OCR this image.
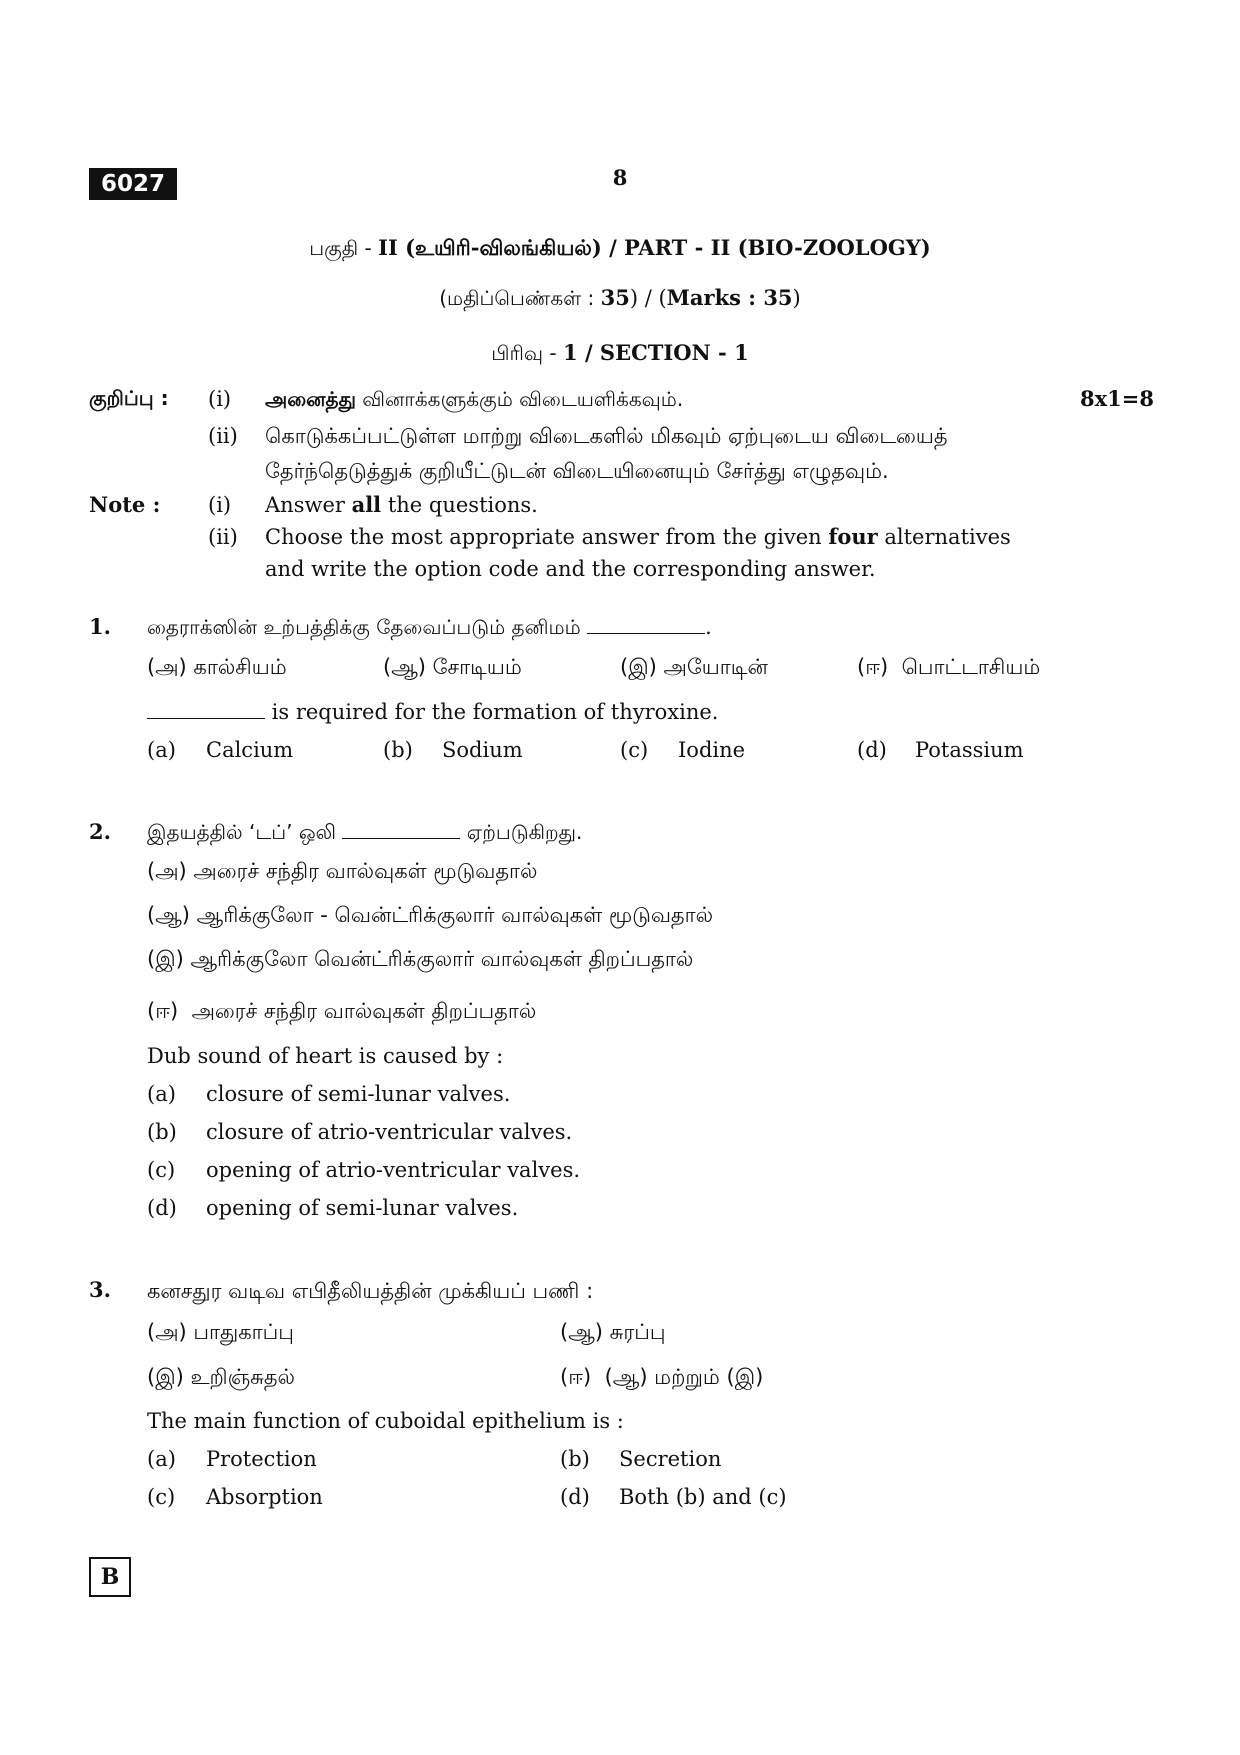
6027	8
பகுதி - II (உயிரி-விலங்கியல்) / PART - II (BIO-ZOOLOGY)
(மதிப்பெண்கள் : 35) / (Marks : 35)
பிரிவு - 1 / SECTION - 1
குறிப்பு : (i) அனைத்து வினாக்களுக்கும் விடையளிக்கவும்.	8x1=8
(ii) கொடுக்கப்பட்டுள்ள மாற்று விடைகளில் மிகவும் ஏற்புடைய விடையைத்
தேர்ந்தெடுத்துக் குறியீட்டுடன் விடையினையும் சேர்த்து எழுதவும்.
Note : (i) Answer all the questions.
(ii) Choose the most appropriate answer from the given four alternatives
and write the option code and the corresponding answer.
1. தைராக்ஸின் உற்பத்திக்கு தேவைப்படும் தனிமம்	.
(அ) கால்சியம்	(ஆ) சோடியம்	(இ) அயோடின்	(ஈ) பொட்டாசியம்
is required for the formation of thyroxine.
(a) Calcium	(b) Sodium	(c) Iodine	(d) Potassium
2. இதயத்தில் ‘டப்’ ஒலி	ஏற்படுகிறது.
(அ) அரைச் சந்திர வால்வுகள் மூடுவதால்
(ஆ) ஆரிக்குலோ - வென்ட்ரிக்குலார் வால்வுகள் மூடுவதால்
(இ) ஆரிக்குலோ வென்ட்ரிக்குலார் வால்வுகள் திறப்பதால்
(ஈ) அரைச் சந்திர வால்வுகள் திறப்பதால்
Dub sound of heart is caused by :
(a) closure of semi-lunar valves.
(b) closure of atrio-ventricular valves.
(c) opening of atrio-ventricular valves.
(d) opening of semi-lunar valves.
3. கனசதுர வடிவ எபிதீலியத்தின் முக்கியப் பணி :
(அ) பாதுகாப்பு	(ஆ) சுரப்பு
(இ) உறிஞ்சுதல்	(ஈ) (ஆ) மற்றும் (இ)
The main function of cuboidal epithelium is :
(a) Protection	(b) Secretion
(c) Absorption	(d) Both (b) and (c)
B
